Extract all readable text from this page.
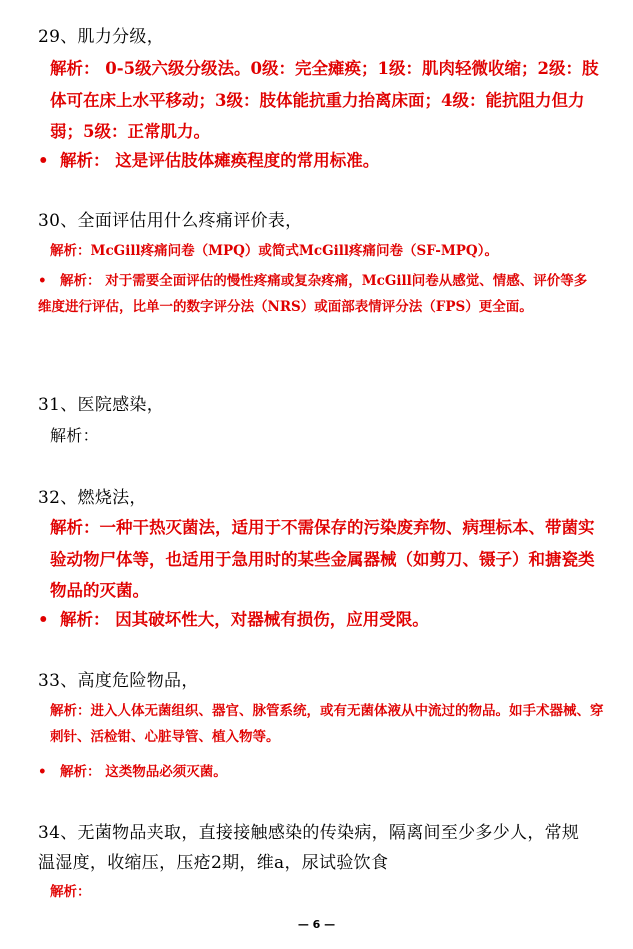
29、肌力分级，
解析： 0-5级六级分级法。0级：完全瘫痪；1级：肌肉轻微收缩；2级：肢体可在床上水平移动；3级：肢体能抗重力抬离床面；4级：能抗阻力但力弱；5级：正常肌力。
• 解析： 这是评估肢体瘫痪程度的常用标准。
30、全面评估用什么疼痛评价表，
解析：McGill疼痛问卷（MPQ）或简式McGill疼痛问卷（SF-MPQ）。
• 解析： 对于需要全面评估的慢性疼痛或复杂疼痛，McGill问卷从感觉、情感、评价等多维度进行评估，比单一的数字评分法（NRS）或面部表情评分法（FPS）更全面。
31、医院感染，
解析：
32、燃烧法，
解析：一种干热灭菌法，适用于不需保存的污染废弃物、病理标本、带菌实验动物尸体等，也适用于急用时的某些金属器械（如剪刀、镊子）和搪瓷类物品的灭菌。
• 解析： 因其破坏性大，对器械有损伤，应用受限。
33、高度危险物品，
解析：进入人体无菌组织、器官、脉管系统，或有无菌体液从中流过的物品。如手术器械、穿刺针、活检钳、心脏导管、植入物等。
• 解析： 这类物品必须灭菌。
34、无菌物品夹取，直接接触感染的传染病，隔离间至少多少人，常规温湿度，收缩压，压疮2期，维a，尿试验饮食
解析：
— 6 —
